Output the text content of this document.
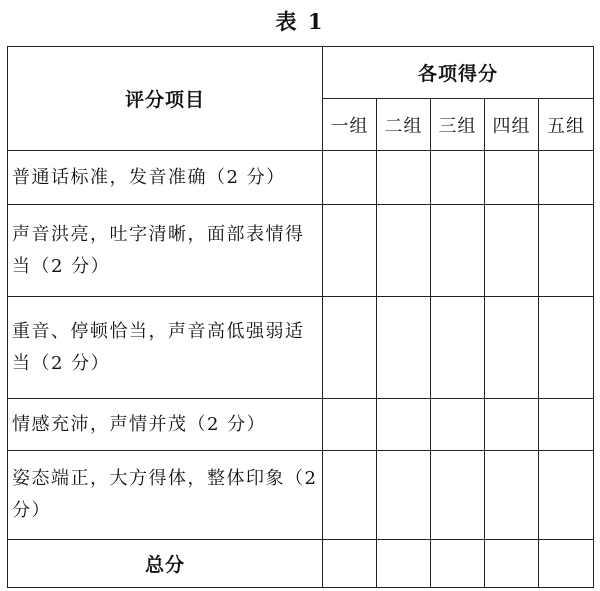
表 1
评分项目	各项得分				
	一组	二组	三组	四组	五组
普通话标准，发音准确（2 分）					
声音洪亮，吐字清晰，面部表情得当（2 分）					
重音、停顿恰当，声音高低强弱适当（2 分）					
情感充沛，声情并茂（2 分）					
姿态端正，大方得体，整体印象（2 分）					
总分					
